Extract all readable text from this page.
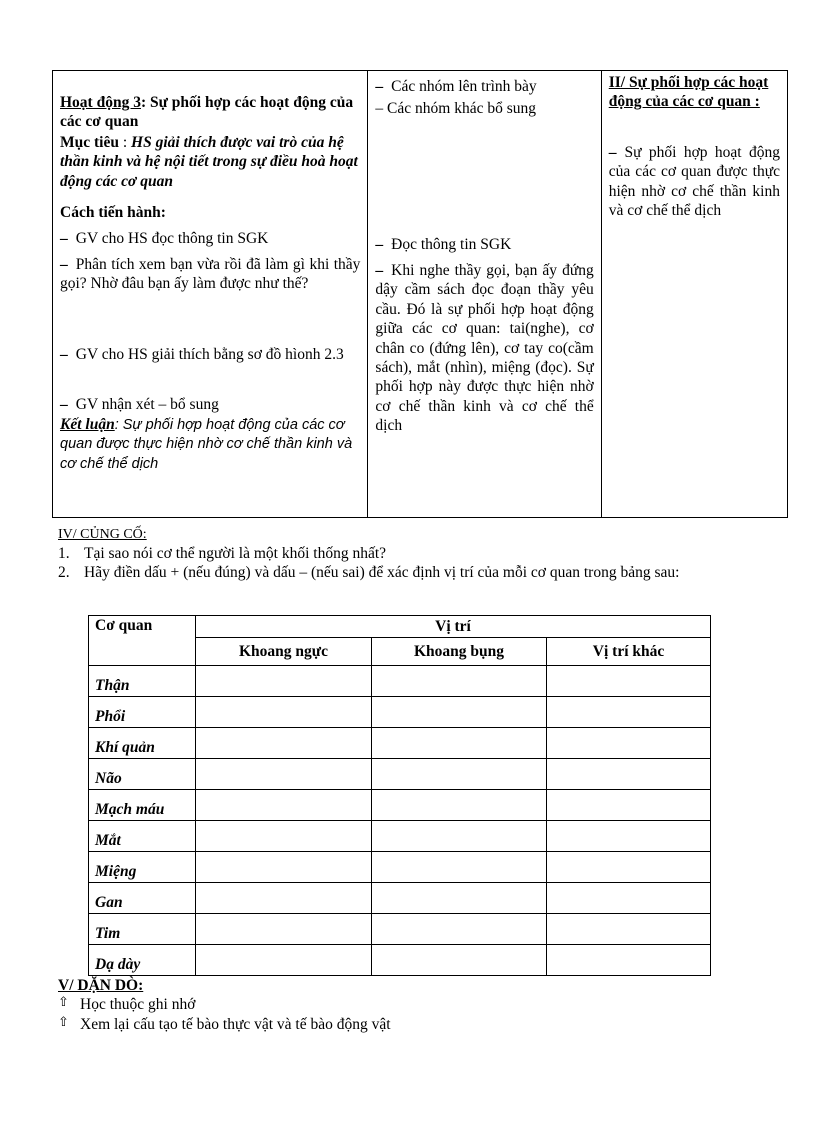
Hoạt động 3: Sự phối hợp các hoạt động của các cơ quan
Mục tiêu : HS giải thích được vai trò của hệ thần kinh và hệ nội tiết trong sự điều hoà hoạt động các cơ quan
Cách tiến hành:
– GV cho HS đọc thông tin SGK
– Phân tích xem bạn vừa rồi đã làm gì khi thầy gọi? Nhờ đâu bạn ấy làm được như thế?
– GV cho HS giải thích bằng sơ đồ hìonh 2.3
– GV nhận xét – bổ sung
Kết luận: Sự phối hợp hoạt động của các cơ quan được thực hiện nhờ cơ chế thần kinh và cơ chế thể dịch

– Các nhóm lên trình bày
– Các nhóm khác bổ sung
– Đọc thông tin SGK
– Khi nghe thầy gọi, bạn ấy đứng dậy cầm sách đọc đoạn thầy yêu cầu. Đó là sự phối hợp hoạt động giữa các cơ quan: tai(nghe), cơ chân co (đứng lên), cơ tay co(cầm sách), mắt (nhìn), miệng (đọc). Sự phối hợp này được thực hiện nhờ cơ chế thần kinh và cơ chế thể dịch

II/ Sự phối hợp các hoạt động của các cơ quan :
– Sự phối hợp hoạt động của các cơ quan được thực hiện nhờ cơ chế thần kinh và cơ chế thể dịch
IV/ CỦNG CỐ:
1. Tại sao nói cơ thể người là một khối thống nhất?
2. Hãy điền dấu + (nếu đúng) và dấu – (nếu sai) để xác định vị trí của mỗi cơ quan trong bảng sau:
Cơ quan	Vị trí		
	Khoang ngực	Khoang bụng	Vị trí khác
Thận			
Phổi			
Khí quản			
Não			
Mạch máu			
Mắt			
Miệng			
Gan			
Tim			
Dạ dày			
V/ DẶN DÒ:
⇧ Học thuộc ghi nhớ
⇧ Xem lại cấu tạo tế bào thực vật và tế bào động vật
